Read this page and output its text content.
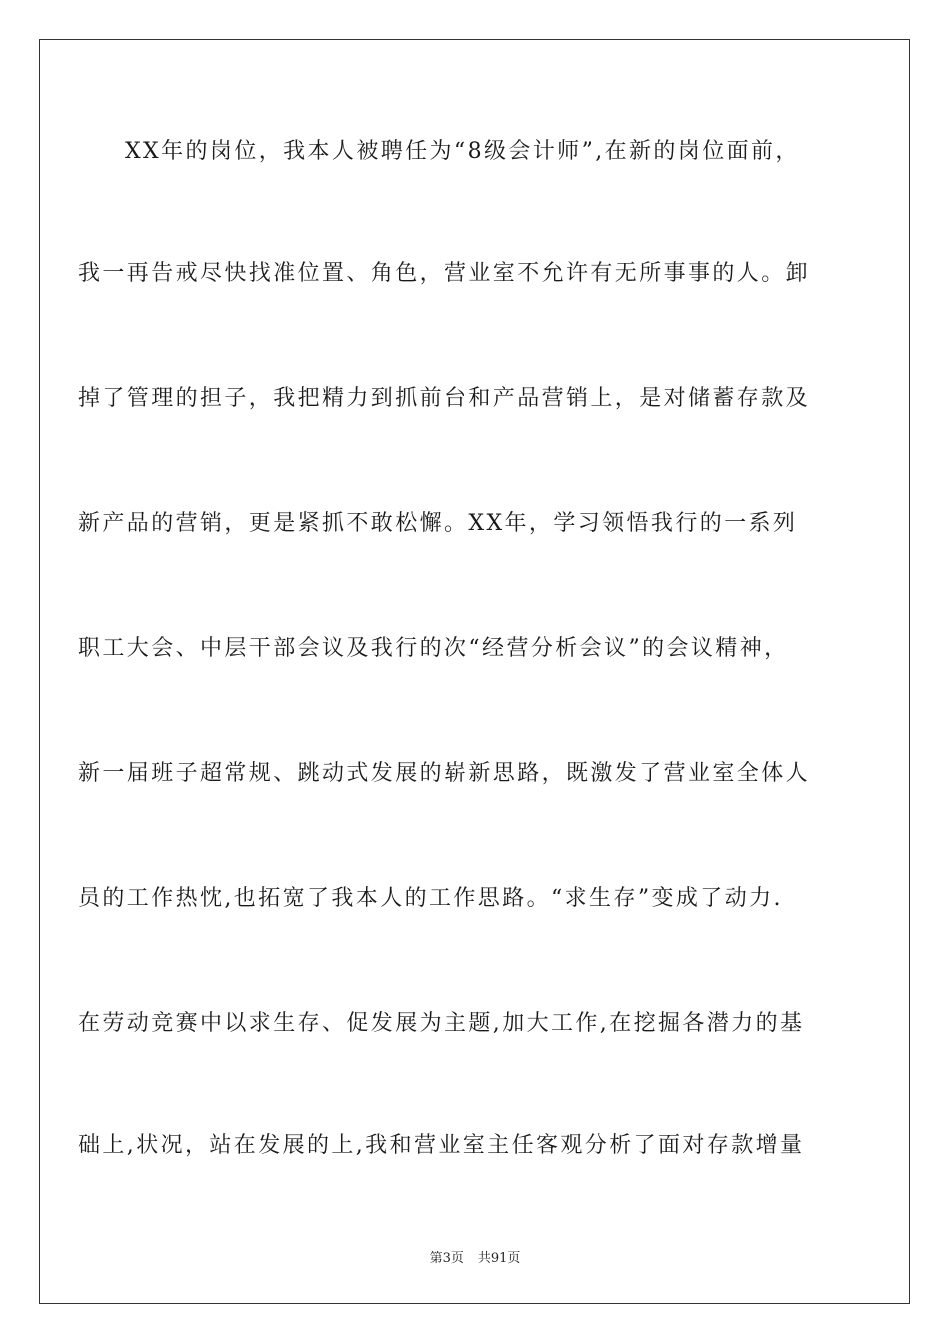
XX年的岗位，我本人被聘任为“8级会计师”,在新的岗位面前，
我一再告戒尽快找准位置、角色，营业室不允许有无所事事的人。卸
掉了管理的担子，我把精力到抓前台和产品营销上，是对储蓄存款及
新产品的营销，更是紧抓不敢松懈。XX年，学习领悟我行的一系列
职工大会、中层干部会议及我行的次“经营分析会议”的会议精神，
新一届班子超常规、跳动式发展的崭新思路，既激发了营业室全体人
员的工作热忱,也拓宽了我本人的工作思路。“求生存”变成了动力.
在劳动竞赛中以求生存、促发展为主题,加大工作,在挖掘各潜力的基
础上,状况，站在发展的上,我和营业室主任客观分析了面对存款增量
第3页 共91页
